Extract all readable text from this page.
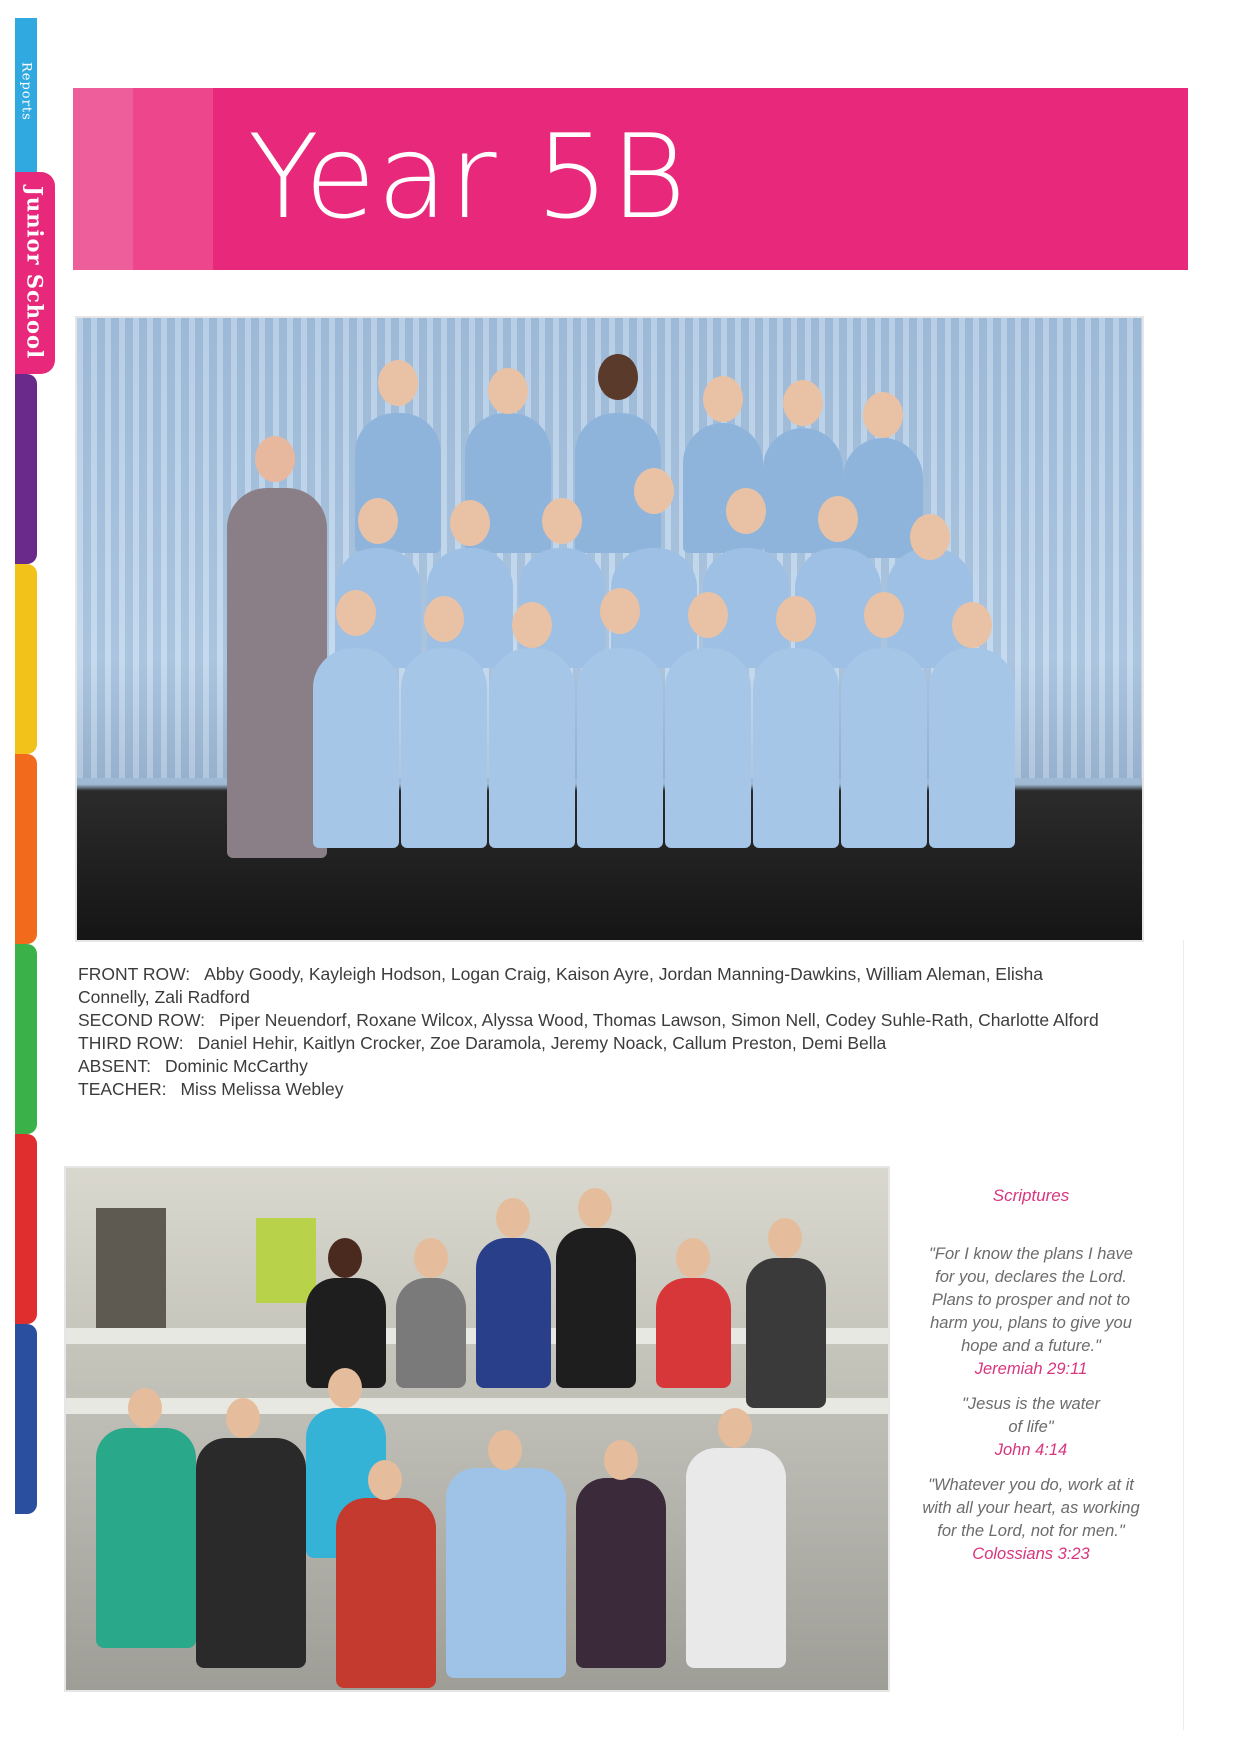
Reports
Junior School
Year 5B

FRONT ROW: Abby Goody, Kayleigh Hodson, Logan Craig, Kaison Ayre, Jordan Manning-Dawkins, William Aleman, Elisha Connelly, Zali Radford

SECOND ROW: Piper Neuendorf, Roxane Wilcox, Alyssa Wood, Thomas Lawson, Simon Nell, Codey Suhle-Rath, Charlotte Alford

THIRD ROW: Daniel Hehir, Kaitlyn Crocker, Zoe Daramola, Jeremy Noack, Callum Preston, Demi Bella

ABSENT: Dominic McCarthy

TEACHER: Miss Melissa Webley

Scriptures
"For I know the plans I have for you, declares the Lord. Plans to prosper and not to harm you, plans to give you hope and a future."
Jeremiah 29:11
"Jesus is the water of life"
John 4:14
"Whatever you do, work at it with all your heart, as working for the Lord, not for men."
Colossians 3:23
